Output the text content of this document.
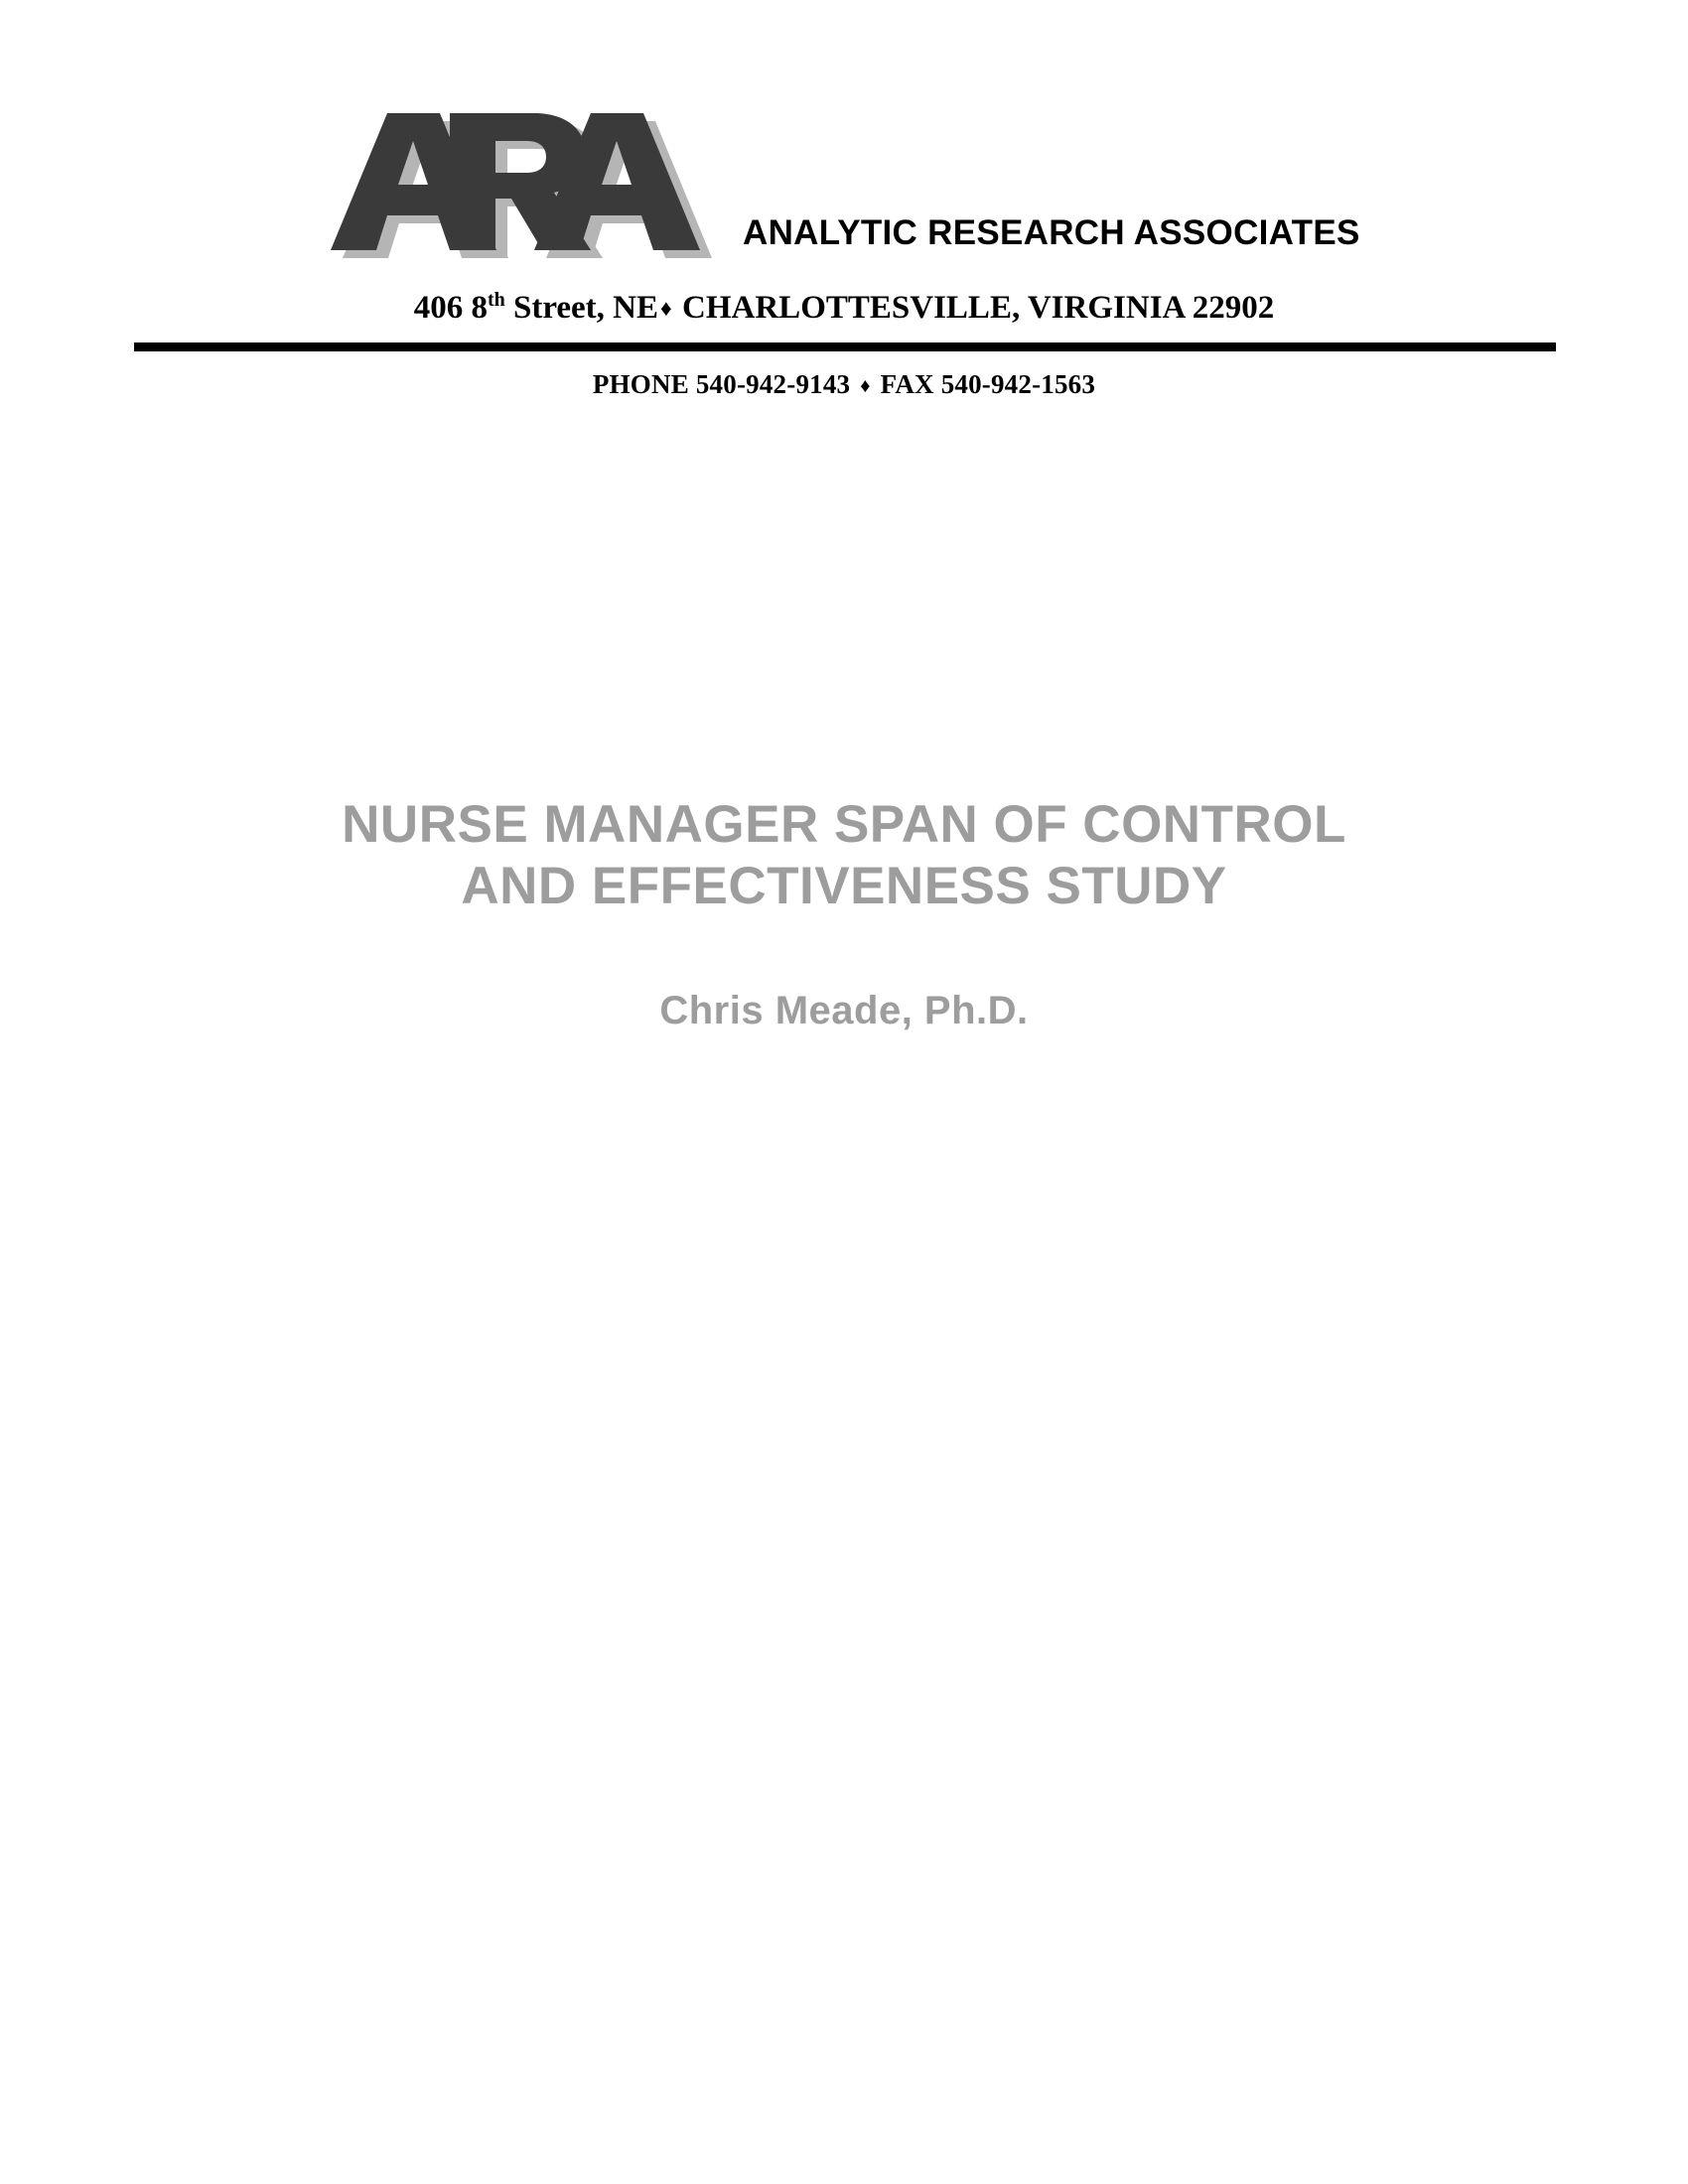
ANALYTIC RESEARCH ASSOCIATES
406 8th Street, NE♦ CHARLOTTESVILLE, VIRGINIA 22902
PHONE 540-942-9143 ♦ FAX 540-942-1563
NURSE MANAGER SPAN OF CONTROL
AND EFFECTIVENESS STUDY

Chris Meade, Ph.D.
